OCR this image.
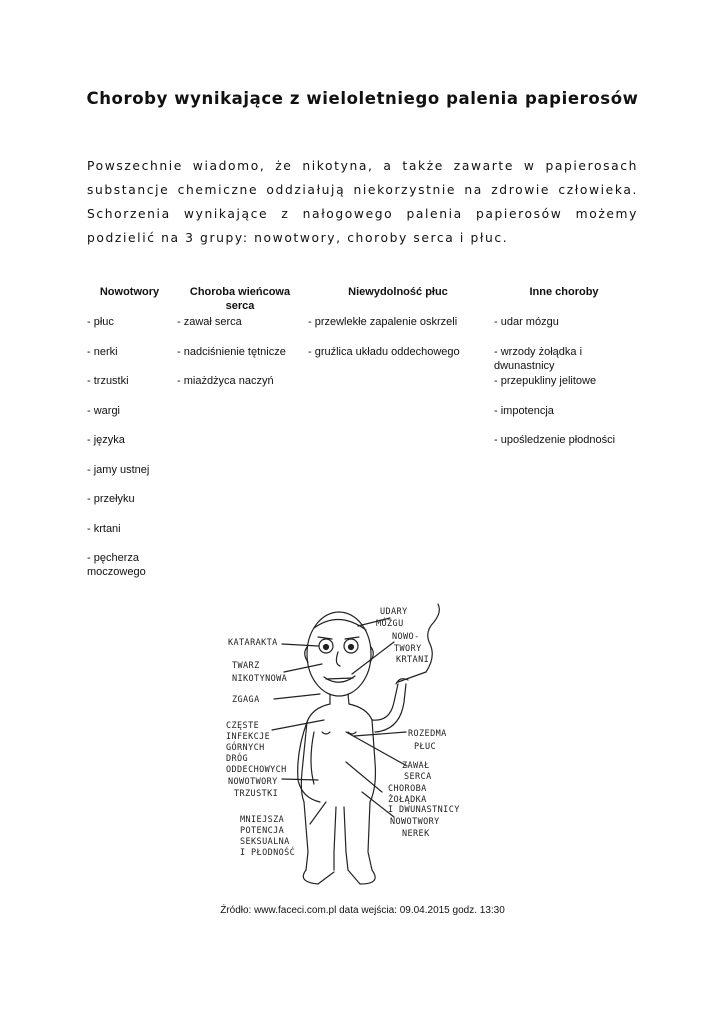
Choroby wynikające z wieloletniego palenia papierosów
Powszechnie wiadomo, że nikotyna, a także zawarte w papierosach substancje chemiczne oddziałują niekorzystnie na zdrowie człowieka. Schorzenia wynikające z nałogowego palenia papierosów możemy podzielić na 3 grupy: nowotwory, choroby serca i płuc.
Nowotwory
- płuc
- nerki
- trzustki
- wargi
- języka
- jamy ustnej
- przełyku
- krtani
- pęcherza moczowego
Choroba wieńcowa serca
- zawał serca
- nadciśnienie tętnicze
- miażdżyca naczyń
Niewydolność płuc
- przewlekłe zapalenie oskrzeli
- gruźlica układu oddechowego
Inne choroby
- udar mózgu
- wrzody żołądka i dwunastnicy
- przepukliny jelitowe
- impotencja
- upośledzenie płodności
KATARAKTA
TWARZ
NIKOTYNOWA
ZGAGA
CZĘSTE
INFEKCJE
GÓRNYCH
DRÓG
ODDECHOWYCH
NOWOTWORY
TRZUSTKI
MNIEJSZA
POTENCJA
SEKSUALNA
I PŁODNOŚĆ
UDARY
MÓZGU
NOWO-
TWORY
KRTANI
ROZEDMA
PŁUC
ZAWAŁ
SERCA
CHOROBA
ŻOŁĄDKA
I DWUNASTNICY
NOWOTWORY
NEREK
Źródło: www.faceci.com.pl data wejścia: 09.04.2015 godz. 13:30
